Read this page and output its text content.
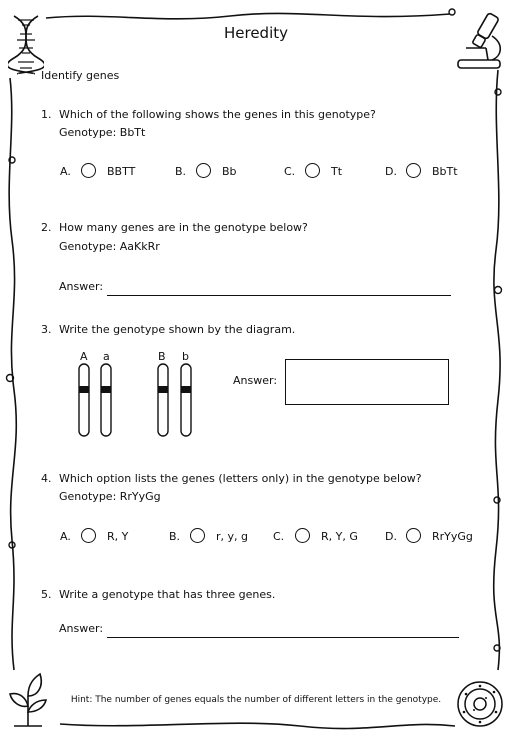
Heredity
Identify genes
1. Which of the following shows the genes in this genotype?
Genotype: BbTt
A.	BBTT	B.	Bb	C.	Tt	D.	BbTt
2. How many genes are in the genotype below?
Genotype: AaKkRr
Answer:
3. Write the genotype shown by the diagram.
A a	B b
Answer:
4. Which option lists the genes (letters only) in the genotype below?
Genotype: RrYyGg
A.	R, Y	B.	r, y, g C.	R, Y, G D.	RrYyGg
5. Write a genotype that has three genes.
Answer:
Hint: The number of genes equals the number of different letters in the genotype.
